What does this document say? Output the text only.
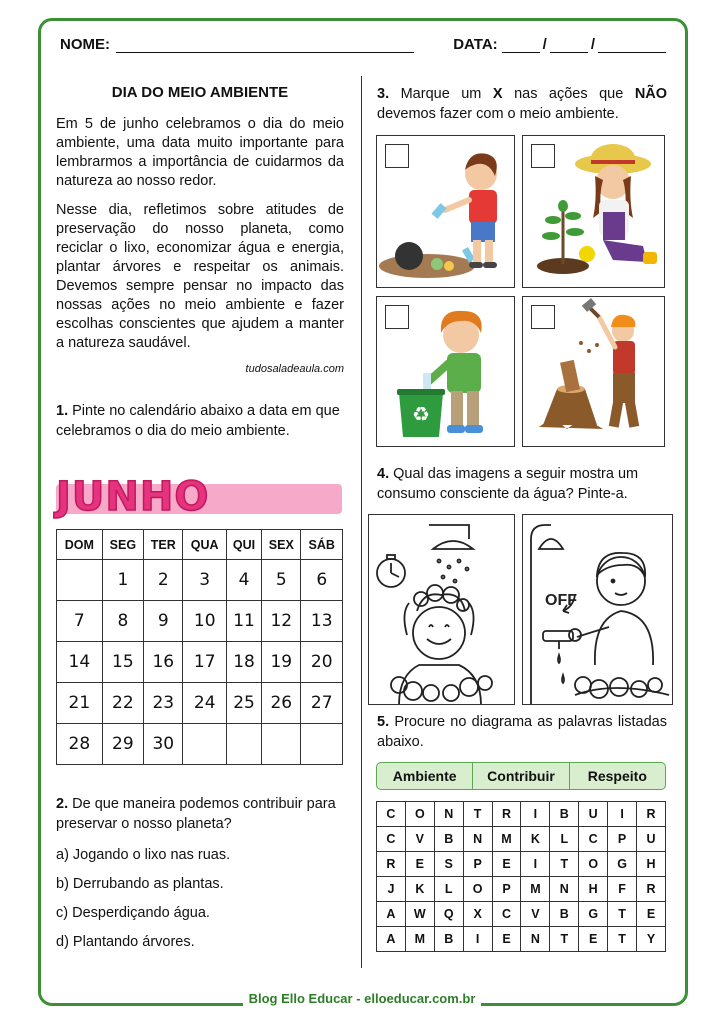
NOME:	DATA:	/	/
DIA DO MEIO AMBIENTE

Em 5 de junho celebramos o dia do meio ambiente, uma data muito importante para lembrarmos a importância de cuidarmos da natureza ao nosso redor.

Nesse dia, refletimos sobre atitudes de preservação do nosso planeta, como reciclar o lixo, economizar água e energia, plantar árvores e respeitar os animais. Devemos sempre pensar no impacto das nossas ações no meio ambiente e fazer escolhas conscientes que ajudem a manter a natureza saudável.

tudosaladeaula.com
1. Pinte no calendário abaixo a data em que celebramos o dia do meio ambiente.
JUNHO
DOM	SEG	TER	QUA	QUI	SEX	SÁB
	1	2	3	4	5	6
7	8	9	10	11	12	13
14	15	16	17	18	19	20
21	22	23	24	25	26	27
28	29	30				
2. De que maneira podemos contribuir para preservar o nosso planeta?
a) Jogando o lixo nas ruas.
b) Derrubando as plantas.
c) Desperdiçando água.
d) Plantando árvores.
3. Marque um X nas ações que NÃO devemos fazer com o meio ambiente.
♻
4. Qual das imagens a seguir mostra um consumo consciente da água? Pinte-a.
OFF
5. Procure no diagrama as palavras listadas abaixo.
Ambiente	Contribuir	Respeito
C	O	N	T	R	I	B	U	I	R
C	V	B	N	M	K	L	C	P	U
R	E	S	P	E	I	T	O	G	H
J	K	L	O	P	M	N	H	F	R
A	W	Q	X	C	V	B	G	T	E
A	M	B	I	E	N	T	E	T	Y
Blog Ello Educar - elloeducar.com.br
